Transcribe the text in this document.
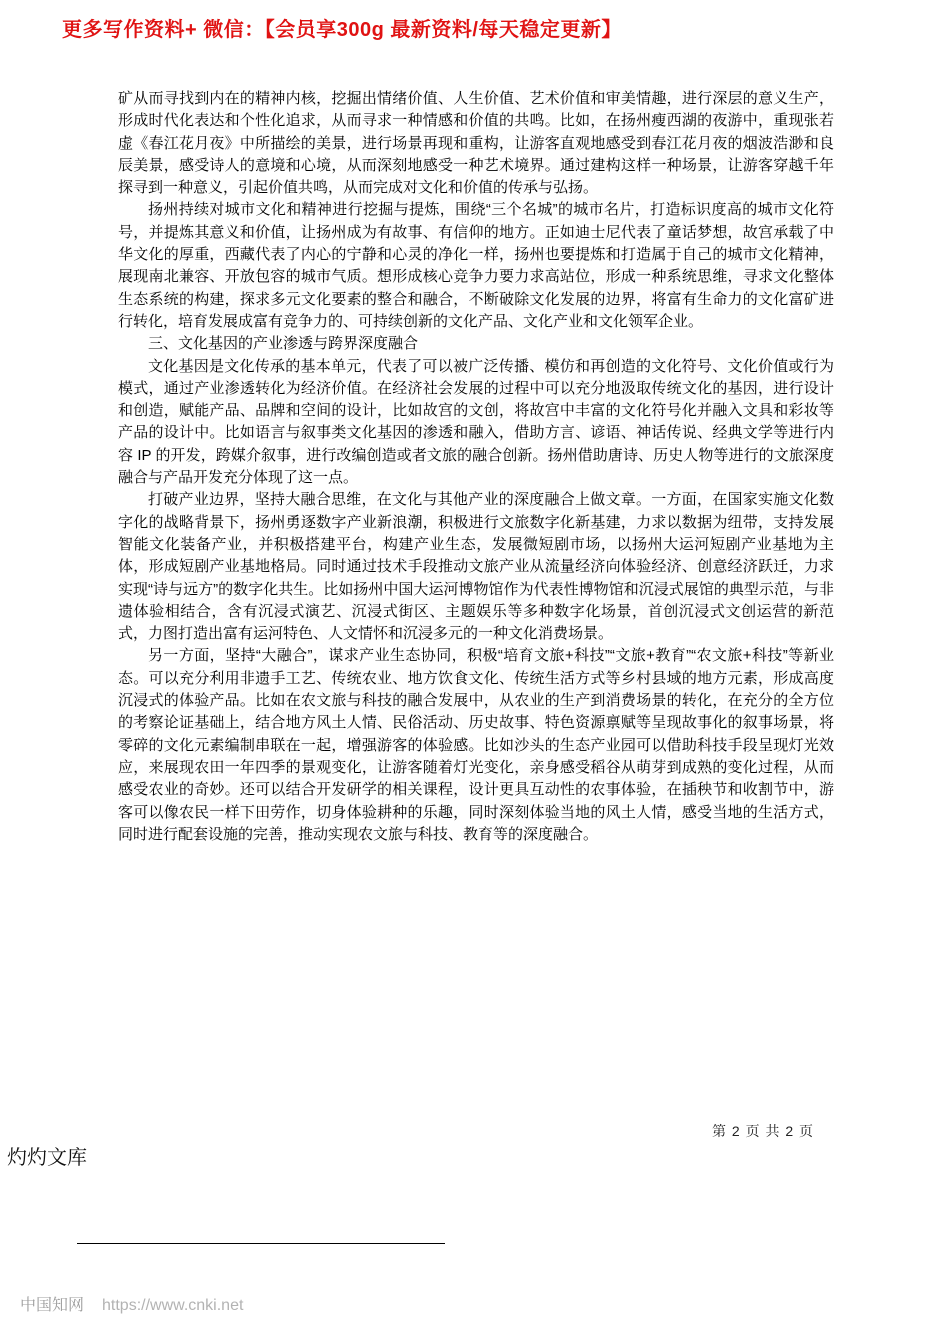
更多写作资料+ 微信：【会员享300g 最新资料/每天稳定更新】

矿从而寻找到内在的精神内核，挖掘出情绪价值、人生价值、艺术价值和审美情趣，进行深层的意义生产，形成时代化表达和个性化追求，从而寻求一种情感和价值的共鸣。比如，在扬州瘦西湖的夜游中，重现张若虚《春江花月夜》中所描绘的美景，进行场景再现和重构，让游客直观地感受到春江花月夜的烟波浩渺和良辰美景，感受诗人的意境和心境，从而深刻地感受一种艺术境界。通过建构这样一种场景，让游客穿越千年探寻到一种意义，引起价值共鸣，从而完成对文化和价值的传承与弘扬。

扬州持续对城市文化和精神进行挖掘与提炼，围绕“三个名城”的城市名片，打造标识度高的城市文化符号，并提炼其意义和价值，让扬州成为有故事、有信仰的地方。正如迪士尼代表了童话梦想，故宫承载了中华文化的厚重，西藏代表了内心的宁静和心灵的净化一样，扬州也要提炼和打造属于自己的城市文化精神，展现南北兼容、开放包容的城市气质。想形成核心竞争力要力求高站位，形成一种系统思维，寻求文化整体生态系统的构建，探求多元文化要素的整合和融合，不断破除文化发展的边界，将富有生命力的文化富矿进行转化，培育发展成富有竞争力的、可持续创新的文化产品、文化产业和文化领军企业。

三、文化基因的产业渗透与跨界深度融合

文化基因是文化传承的基本单元，代表了可以被广泛传播、模仿和再创造的文化符号、文化价值或行为模式，通过产业渗透转化为经济价值。在经济社会发展的过程中可以充分地汲取传统文化的基因，进行设计和创造，赋能产品、品牌和空间的设计，比如故宫的文创，将故宫中丰富的文化符号化并融入文具和彩妆等产品的设计中。比如语言与叙事类文化基因的渗透和融入，借助方言、谚语、神话传说、经典文学等进行内容 IP 的开发，跨媒介叙事，进行改编创造或者文旅的融合创新。扬州借助唐诗、历史人物等进行的文旅深度融合与产品开发充分体现了这一点。

打破产业边界，坚持大融合思维，在文化与其他产业的深度融合上做文章。一方面，在国家实施文化数字化的战略背景下，扬州勇逐数字产业新浪潮，积极进行文旅数字化新基建，力求以数据为纽带，支持发展智能文化装备产业，并积极搭建平台，构建产业生态，发展微短剧市场，以扬州大运河短剧产业基地为主体，形成短剧产业基地格局。同时通过技术手段推动文旅产业从流量经济向体验经济、创意经济跃迁，力求实现“诗与远方”的数字化共生。比如扬州中国大运河博物馆作为代表性博物馆和沉浸式展馆的典型示范，与非遗体验相结合，含有沉浸式演艺、沉浸式街区、主题娱乐等多种数字化场景，首创沉浸式文创运营的新范式，力图打造出富有运河特色、人文情怀和沉浸多元的一种文化消费场景。

另一方面，坚持“大融合”，谋求产业生态协同，积极“培育文旅+科技”“文旅+教育”“农文旅+科技”等新业态。可以充分利用非遗手工艺、传统农业、地方饮食文化、传统生活方式等乡村县域的地方元素，形成高度沉浸式的体验产品。比如在农文旅与科技的融合发展中，从农业的生产到消费场景的转化，在充分的全方位的考察论证基础上，结合地方风土人情、民俗活动、历史故事、特色资源禀赋等呈现故事化的叙事场景，将零碎的文化元素编制串联在一起，增强游客的体验感。比如沙头的生态产业园可以借助科技手段呈现灯光效应，来展现农田一年四季的景观变化，让游客随着灯光变化，亲身感受稻谷从萌芽到成熟的变化过程，从而感受农业的奇妙。还可以结合开发研学的相关课程，设计更具互动性的农事体验，在插秧节和收割节中，游客可以像农民一样下田劳作，切身体验耕种的乐趣，同时深刻体验当地的风土人情，感受当地的生活方式，同时进行配套设施的完善，推动实现农文旅与科技、教育等的深度融合。

第 2 页 共 2 页
灼灼文库
中国知网 https://www.cnki.net
